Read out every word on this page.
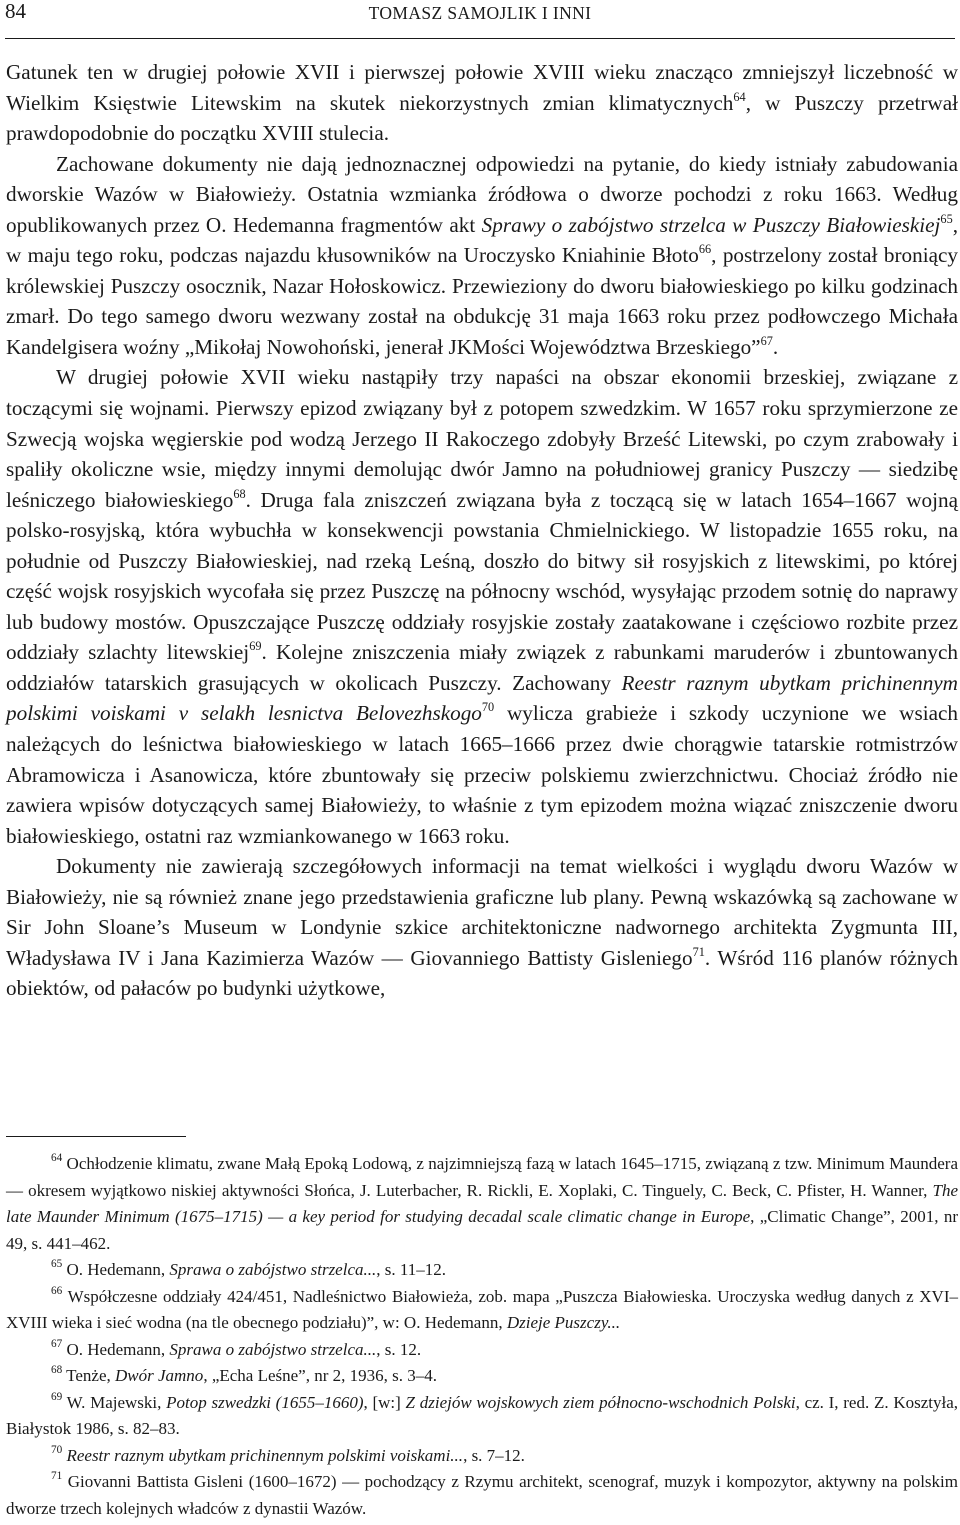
84	TOMASZ SAMOJLIK I INNI

Gatunek ten w drugiej połowie XVII i pierwszej połowie XVIII wieku znacząco zmniejszył liczebność w Wielkim Księstwie Litewskim na skutek niekorzystnych zmian klimatycznych$^{64}$, w Puszczy przetrwał prawdopodobnie do początku XVIII stulecia.

Zachowane dokumenty nie dają jednoznacznej odpowiedzi na pytanie, do kiedy istniały zabudowania dworskie Wazów w Białowieży. Ostatnia wzmianka źródłowa o dworze pochodzi z roku 1663. Według opublikowanych przez O. Hedemanna fragmentów akt Sprawy o zabójstwo strzelca w Puszczy Białowieskiej$^{65}$, w maju tego roku, podczas najazdu kłusowników na Uroczysko Kniahinie Błoto$^{66}$, postrzelony został broniący królewskiej Puszczy osocznik, Nazar Hołoskowicz. Przewieziony do dworu białowieskiego po kilku godzinach zmarł. Do tego samego dworu wezwany został na obdukcję 31 maja 1663 roku przez podłowczego Michała Kandelgisera woźny „Mikołaj Nowohoński, jenerał JKMości Województwa Brzeskiego”$^{67}$.

W drugiej połowie XVII wieku nastąpiły trzy napaści na obszar ekonomii brzeskiej, związane z toczącymi się wojnami. Pierwszy epizod związany był z potopem szwedzkim. W 1657 roku sprzymierzone ze Szwecją wojska węgierskie pod wodzą Jerzego II Rakoczego zdobyły Brześć Litewski, po czym zrabowały i spaliły okoliczne wsie, między innymi demolując dwór Jamno na południowej granicy Puszczy — siedzibę leśniczego białowieskiego$^{68}$. Druga fala zniszczeń związana była z toczącą się w latach 1654–1667 wojną polsko-rosyjską, która wybuchła w konsekwencji powstania Chmielnickiego. W listopadzie 1655 roku, na południe od Puszczy Białowieskiej, nad rzeką Leśną, doszło do bitwy sił rosyjskich z litewskimi, po której część wojsk rosyjskich wycofała się przez Puszczę na północny wschód, wysyłając przodem sotnię do naprawy lub budowy mostów. Opuszczające Puszczę oddziały rosyjskie zostały zaatakowane i częściowo rozbite przez oddziały szlachty litewskiej$^{69}$. Kolejne zniszczenia miały związek z rabunkami maruderów i zbuntowanych oddziałów tatarskich grasujących w okolicach Puszczy. Zachowany Reestr raznym ubytkam prichinennym polskimi voiskami v selakh lesnictva Belovezhskogo$^{70}$ wylicza grabieże i szkody uczynione we wsiach należących do leśnictwa białowieskiego w latach 1665–1666 przez dwie chorągwie tatarskie rotmistrzów Abramowicza i Asanowicza, które zbuntowały się przeciw polskiemu zwierzchnictwu. Chociaż źródło nie zawiera wpisów dotyczących samej Białowieży, to właśnie z tym epizodem można wiązać zniszczenie dworu białowieskiego, ostatni raz wzmiankowanego w 1663 roku.

Dokumenty nie zawierają szczegółowych informacji na temat wielkości i wyglądu dworu Wazów w Białowieży, nie są również znane jego przedstawienia graficzne lub plany. Pewną wskazówką są zachowane w Sir John Sloane’s Museum w Londynie szkice architektoniczne nadwornego architekta Zygmunta III, Władysława IV i Jana Kazimierza Wazów — Giovanniego Battisty Gisleniego$^{71}$. Wśród 116 planów różnych obiektów, od pałaców po budynki użytkowe,

$^{64}$ Ochłodzenie klimatu, zwane Małą Epoką Lodową, z najzimniejszą fazą w latach 1645–1715, związaną z tzw. Minimum Maundera — okresem wyjątkowo niskiej aktywności Słońca, J. Luterbacher, R. Rickli, E. Xoplaki, C. Tinguely, C. Beck, C. Pfister, H. Wanner, The late Maunder Minimum (1675–1715) — a key period for studying decadal scale climatic change in Europe, „Climatic Change”, 2001, nr 49, s. 441–462.

$^{65}$ O. Hedemann, Sprawa o zabójstwo strzelca..., s. 11–12.

$^{66}$ Współczesne oddziały 424/451, Nadleśnictwo Białowieża, zob. mapa „Puszcza Białowieska. Uroczyska według danych z XVI–XVIII wieka i sieć wodna (na tle obecnego podziału)”, w: O. Hedemann, Dzieje Puszczy...

$^{67}$ O. Hedemann, Sprawa o zabójstwo strzelca..., s. 12.

$^{68}$ Tenże, Dwór Jamno, „Echa Leśne”, nr 2, 1936, s. 3–4.

$^{69}$ W. Majewski, Potop szwedzki (1655–1660), [w:] Z dziejów wojskowych ziem północno-wschodnich Polski, cz. I, red. Z. Kosztyła, Białystok 1986, s. 82–83.

$^{70}$ Reestr raznym ubytkam prichinennym polskimi voiskami..., s. 7–12.

$^{71}$ Giovanni Battista Gisleni (1600–1672) — pochodzący z Rzymu architekt, scenograf, muzyk i kompozytor, aktywny na polskim dworze trzech kolejnych władców z dynastii Wazów.
